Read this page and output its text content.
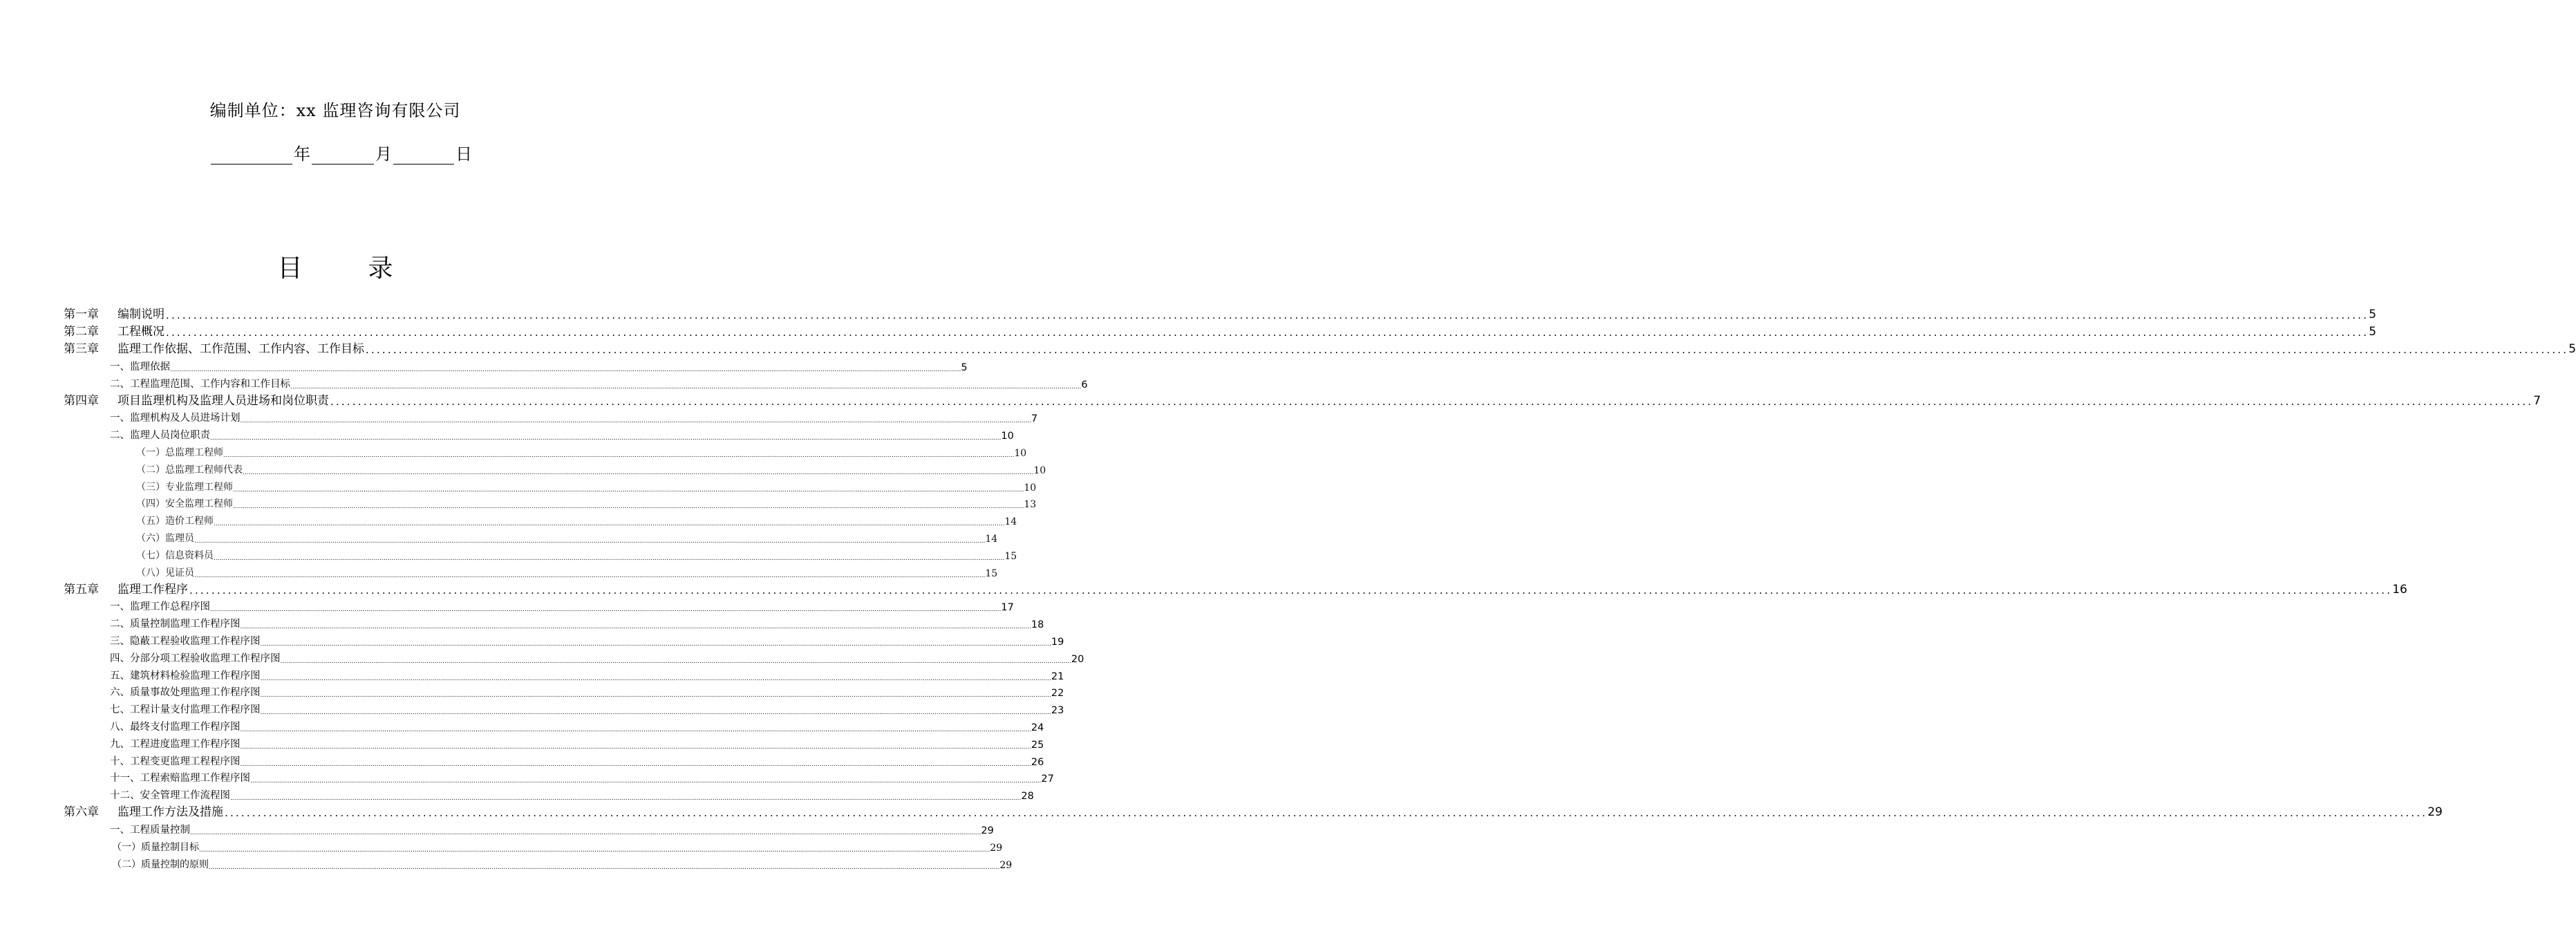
编制单位：xx 监理咨询有限公司
年	月	日
目	录
第一章 编制说明 ................................................................................................................................................................................................................................................................................................................................................................................................................ 5
第二章 工程概况 ................................................................................................................................................................................................................................................................................................................................................................................................................ 5
第三章 监理工作依据、工作范围、工作内容、工作目标 ................................................................................................................................................................................................................................................................................................................................................................................................................ 5
一、监理依据 ................................................................................................................................................................................................................................................................................................................................................................................................................ 5
二、工程监理范围、工作内容和工作目标 ................................................................................................................................................................................................................................................................................................................................................................................................................ 6
第四章 项目监理机构及监理人员进场和岗位职责 ................................................................................................................................................................................................................................................................................................................................................................................................................ 7
一、监理机构及人员进场计划 ................................................................................................................................................................................................................................................................................................................................................................................................................ 7
二、监理人员岗位职责 ................................................................................................................................................................................................................................................................................................................................................................................................................ 10
（一）总监理工程师 ................................................................................................................................................................................................................................................................................................................................................................................................................ 10
（二）总监理工程师代表 ................................................................................................................................................................................................................................................................................................................................................................................................................ 10
（三）专业监理工程师 ................................................................................................................................................................................................................................................................................................................................................................................................................ 10
（四）安全监理工程师 ................................................................................................................................................................................................................................................................................................................................................................................................................ 13
（五）造价工程师 ................................................................................................................................................................................................................................................................................................................................................................................................................ 14
（六）监理员 ................................................................................................................................................................................................................................................................................................................................................................................................................ 14
（七）信息资料员 ................................................................................................................................................................................................................................................................................................................................................................................................................ 15
（八）见证员 ................................................................................................................................................................................................................................................................................................................................................................................................................ 15
第五章 监理工作程序 ................................................................................................................................................................................................................................................................................................................................................................................................................ 16
一、监理工作总程序图 ................................................................................................................................................................................................................................................................................................................................................................................................................ 17
二、质量控制监理工作程序图 ................................................................................................................................................................................................................................................................................................................................................................................................................ 18
三、隐蔽工程验收监理工作程序图 ................................................................................................................................................................................................................................................................................................................................................................................................................ 19
四、分部分项工程验收监理工作程序图 ................................................................................................................................................................................................................................................................................................................................................................................................................ 20
五、建筑材料检验监理工作程序图 ................................................................................................................................................................................................................................................................................................................................................................................................................ 21
六、质量事故处理监理工作程序图 ................................................................................................................................................................................................................................................................................................................................................................................................................ 22
七、工程计量支付监理工作程序图 ................................................................................................................................................................................................................................................................................................................................................................................................................ 23
八、最终支付监理工作程序图 ................................................................................................................................................................................................................................................................................................................................................................................................................ 24
九、工程进度监理工作程序图 ................................................................................................................................................................................................................................................................................................................................................................................................................ 25
十、工程变更监理工程程序图 ................................................................................................................................................................................................................................................................................................................................................................................................................ 26
十一、工程索赔监理工作程序图 ................................................................................................................................................................................................................................................................................................................................................................................................................ 27
十二、安全管理工作流程图 ................................................................................................................................................................................................................................................................................................................................................................................................................ 28
第六章 监理工作方法及措施 ................................................................................................................................................................................................................................................................................................................................................................................................................ 29
一、工程质量控制 ................................................................................................................................................................................................................................................................................................................................................................................................................ 29
（一）质量控制目标 ................................................................................................................................................................................................................................................................................................................................................................................................................ 29
（二）质量控制的原则 ................................................................................................................................................................................................................................................................................................................................................................................................................ 29
